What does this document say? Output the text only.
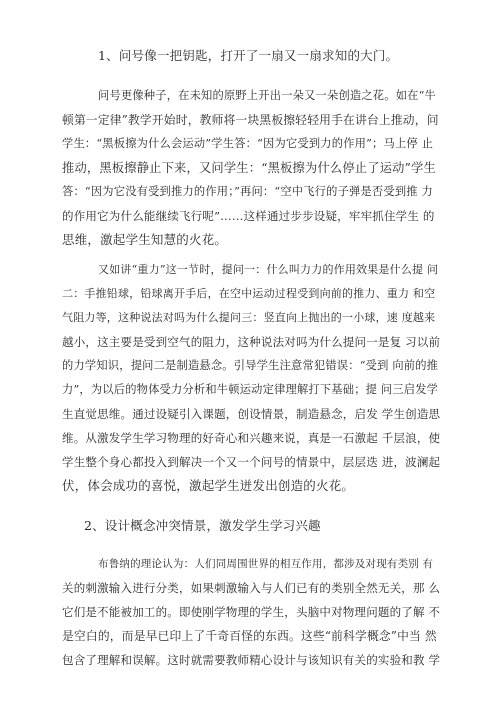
1、问号像一把钥匙，打开了一扇又一扇求知的大门。
问号更像种子，在未知的原野上开出一朵又一朵创造之花。如在“牛
顿第一定律”教学开始时，教师将一块黑板擦轻轻用手在讲台上推动，问
学生：“黑板擦为什么会运动”学生答：“因为它受到力的作用”；马上停 止
推动，黑板擦静止下来，又问学生：“黑板擦为什么停止了运动”学生
答：“因为它没有受到推力的作用；”再问：“空中飞行的子弹是否受到推 力
的作用它为什么能继续飞行呢”……这样通过步步设疑，牢牢抓住学生 的
思维，激起学生知慧的火花。
又如讲“重力”这一节时，提问一：什么叫力力的作用效果是什么提 问
二：手推铅球，铅球离开手后，在空中运动过程受到向前的推力、重力 和空
气阻力等，这种说法对吗为什么提问三：竖直向上抛出的一小球，速 度越来
越小，这主要是受到空气的阻力，这种说法对吗为什么提问一是复 习以前
的力学知识，提问二是制造悬念。引导学生注意常犯错误：“受到 向前的推
力”，为以后的物体受力分析和牛顿运动定律理解打下基础；提 问三启发学
生直觉思维。通过设疑引入课题，创设情景，制造悬念，启发 学生创造思
维。从激发学生学习物理的好奇心和兴趣来说，真是一石激起 千层浪，使
学生整个身心都投入到解决一个又一个问号的情景中，层层迭 进，波澜起
伏，体会成功的喜悦，激起学生迸发出创造的火花。
2、设计概念冲突情景，激发学生学习兴趣
布鲁纳的理论认为：人们同周围世界的相互作用，都涉及对现有类别 有
关的刺激输入进行分类，如果刺激输入与人们已有的类别全然无关，那 么
它们是不能被加工的。即使刚学物理的学生，头脑中对物理问题的了解 不
是空白的，而是早已印上了千奇百怪的东西。这些“前科学概念”中当 然
包含了理解和误解。这时就需要教师精心设计与该知识有关的实验和教 学
